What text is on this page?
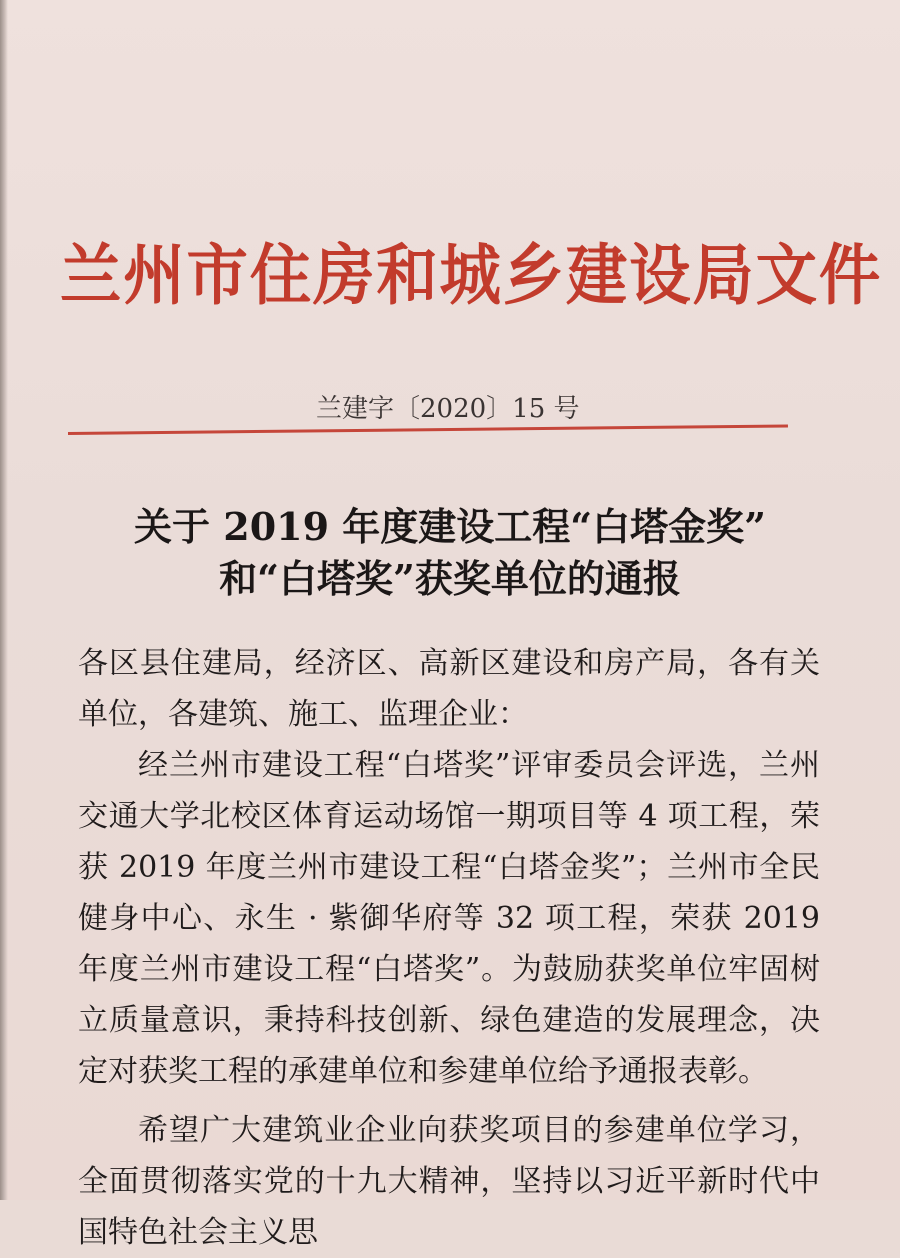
兰州市住房和城乡建设局文件
兰建字〔2020〕15 号
关于 2019 年度建设工程“白塔金奖”
和“白塔奖”获奖单位的通报

各区县住建局，经济区、高新区建设和房产局，各有关单位，各建筑、施工、监理企业：

经兰州市建设工程“白塔奖”评审委员会评选，兰州交通大学北校区体育运动场馆一期项目等 4 项工程，荣获 2019 年度兰州市建设工程“白塔金奖”；兰州市全民健身中心、永生 · 紫御华府等 32 项工程，荣获 2019 年度兰州市建设工程“白塔奖”。为鼓励获奖单位牢固树立质量意识，秉持科技创新、绿色建造的发展理念，决定对获奖工程的承建单位和参建单位给予通报表彰。

希望广大建筑业企业向获奖项目的参建单位学习，全面贯彻落实党的十九大精神，坚持以习近平新时代中国特色社会主义思
